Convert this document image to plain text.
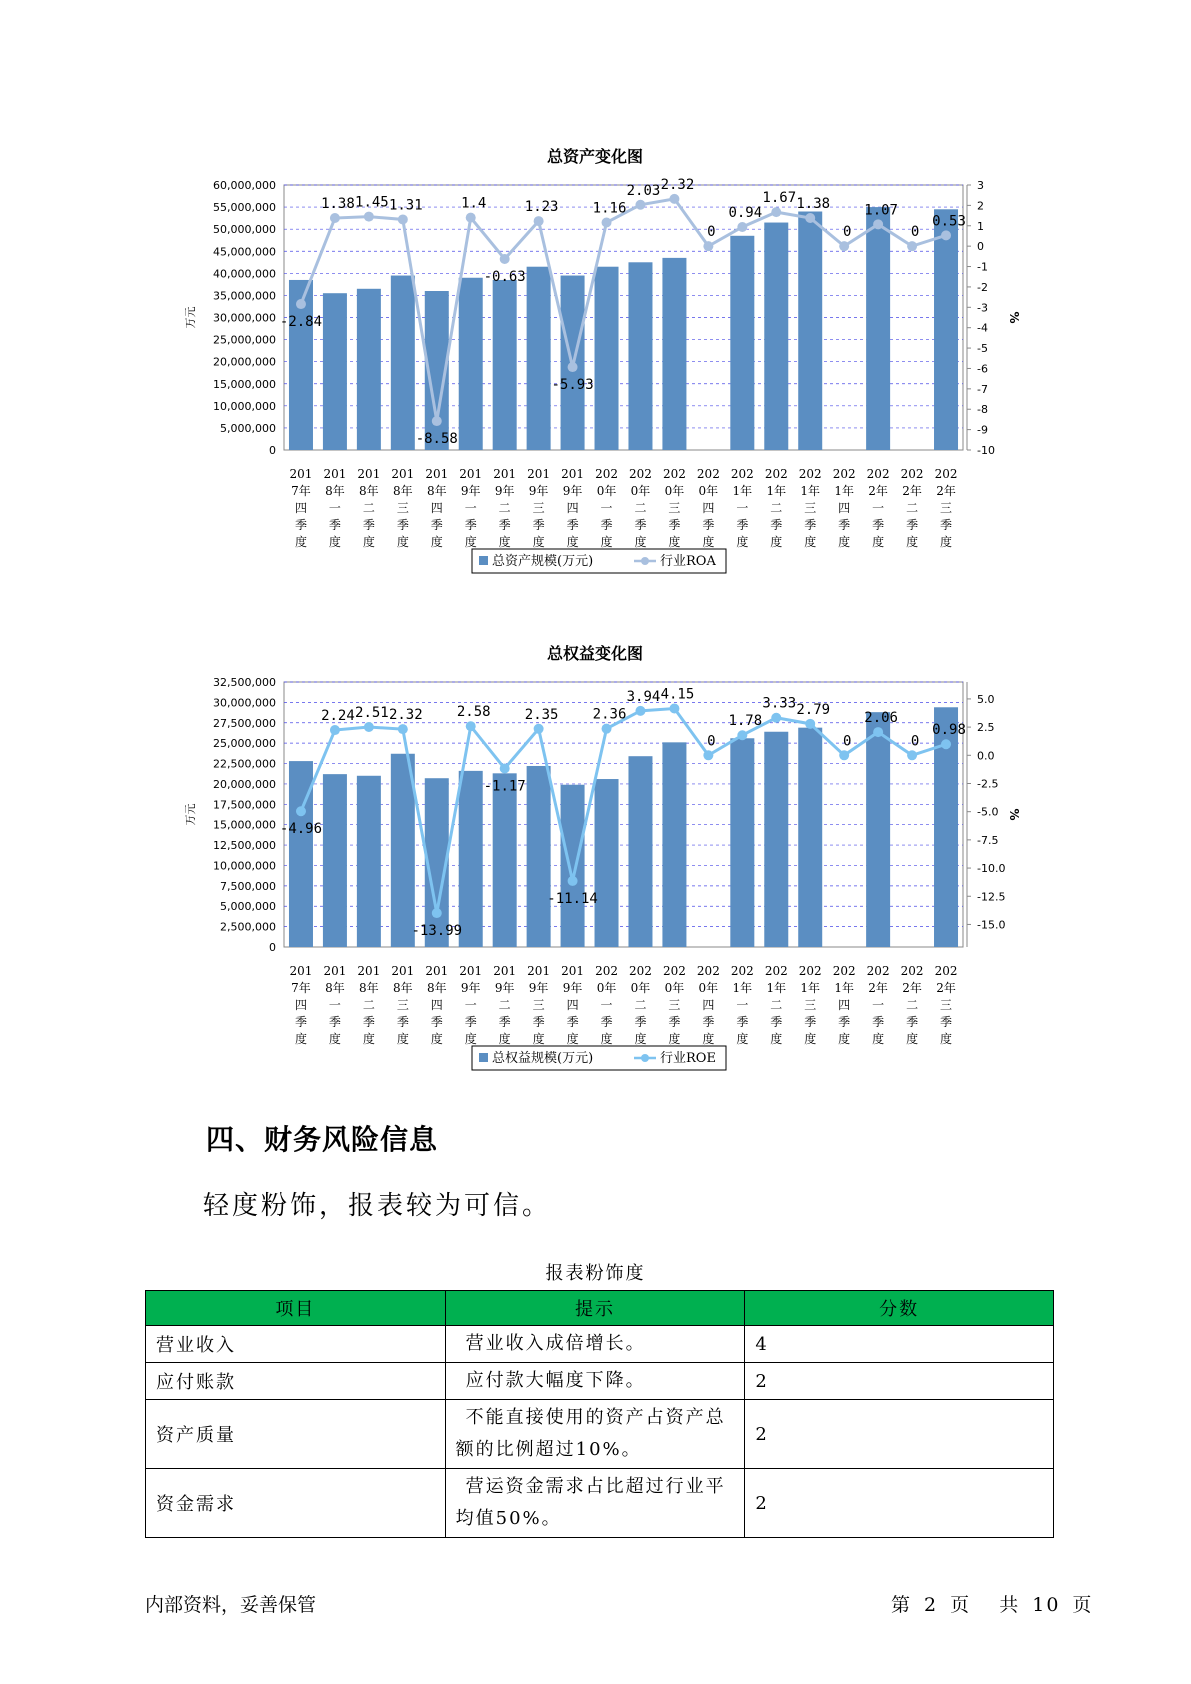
总资产变化图
0
5,000,000
10,000,000
15,000,000
20,000,000
25,000,000
30,000,000
35,000,000
40,000,000
45,000,000
50,000,000
55,000,000
60,000,000
-10
-9
-8
-7
-6
-5
-4
-3
-2
-1
0
1
2
3
万元	%
-2.84
1.38 1.45 1.31
-8.58
1.4
-0.63
1.23
-5.93
1.16
2.03 2.32
0
0.94
1.67 1.38
0
1.07
0
0.53
201
7年
四
季
度
201
8年
一
季
度
201
8年
二
季
度
201
8年
三
季
度
201
8年
四
季
度
201
9年
一
季
度
201
9年
二
季
度
201
9年
三
季
度
201
9年
四
季
度
202
0年
一
季
度
202
0年
二
季
度
202
0年
三
季
度
202
0年
四
季
度
202
1年
一
季
度
202
1年
二
季
度
202
1年
三
季
度
202
1年
四
季
度
202
2年
一
季
度
202
2年
二
季
度
202
2年
三
季
度
总资产规模(万元)	行业ROA
总权益变化图
0
2,500,000
5,000,000
7,500,000
10,000,000
12,500,000
15,000,000
17,500,000
20,000,000
22,500,000
25,000,000
27,500,000
30,000,000
32,500,000
-15.0
-12.5
-10.0
-7.5
-5.0
-2.5
0.0
2.5
5.0
万元	%
-4.96
2.24 2.51 2.32
-13.99
2.58
-1.17
2.35
-11.14
2.36
3.94 4.15
0
1.78
3.33 2.79
0
2.06
0
0.98
201
7年
四
季
度
201
8年
一
季
度
201
8年
二
季
度
201
8年
三
季
度
201
8年
四
季
度
201
9年
一
季
度
201
9年
二
季
度
201
9年
三
季
度
201
9年
四
季
度
202
0年
一
季
度
202
0年
二
季
度
202
0年
三
季
度
202
0年
四
季
度
202
1年
一
季
度
202
1年
二
季
度
202
1年
三
季
度
202
1年
四
季
度
202
2年
一
季
度
202
2年
二
季
度
202
2年
三
季
度
总权益规模(万元)	行业ROE
四、财务风险信息
轻度粉饰，报表较为可信。
报表粉饰度
项目	提示	分数
营业收入	营业收入成倍增长。	4
应付账款	应付款大幅度下降。	2
资产质量	不能直接使用的资产占资产总额的比例超过10%。	2
资金需求	营运资金需求占比超过行业平均值50%。	2
内部资料，妥善保管	第 2 页 共 10 页
